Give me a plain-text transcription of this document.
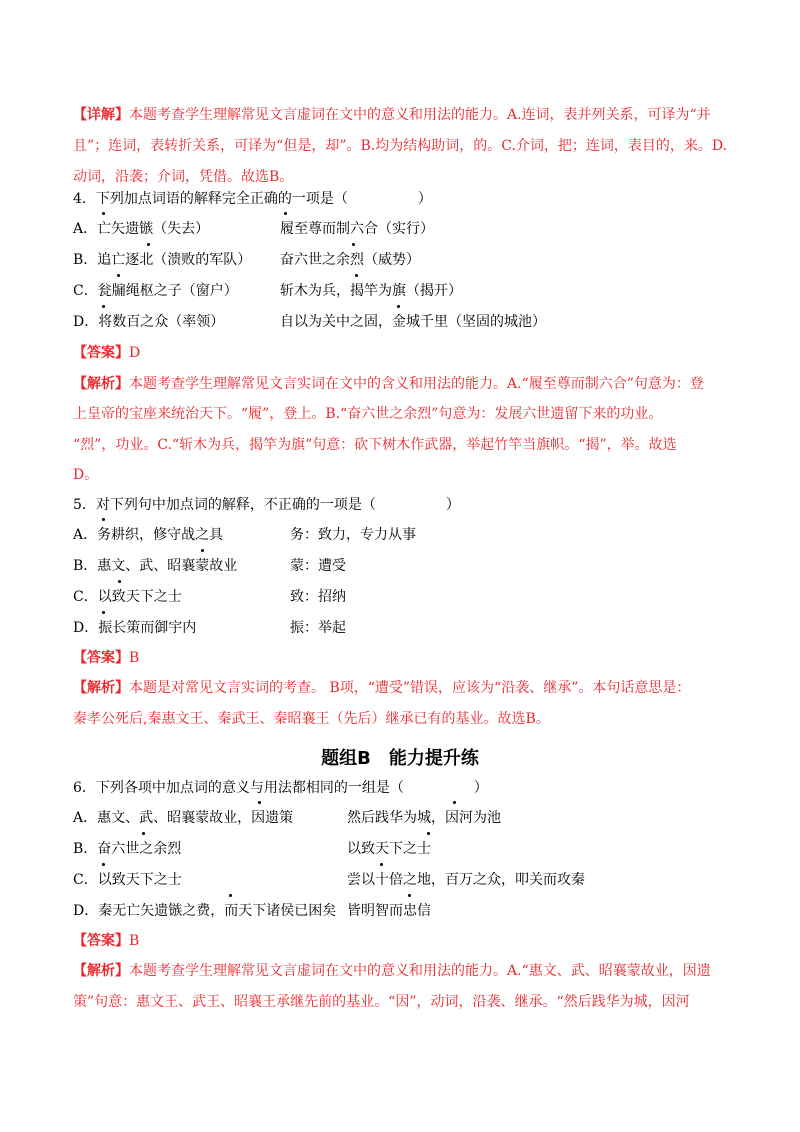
【详解】本题考查学生理解常见文言虚词在文中的意义和用法的能力。A.连词，表并列关系，可译为“并且”；连词，表转折关系，可译为“但是，却”。B.均为结构助词，的。C.介词，把；连词，表目的，来。D.动词，沿袭；介词，凭借。故选B。
4．下列加点词语的解释完全正确的一项是（　　　　　）
A．亡矢遗镞（失去）	履至尊而制六合（实行）
B．追亡逐北（溃败的军队） 奋六世之余烈（威势）
C．瓮牖绳枢之子（窗户）	斩木为兵，揭竿为旗（揭开）
D．将数百之众（率领）	自以为关中之固，金城千里（坚固的城池）
【答案】D
【解析】本题考查学生理解常见文言实词在文中的含义和用法的能力。A.“履至尊而制六合”句意为：登
上皇帝的宝座来统治天下。“履”，登上。B.“奋六世之余烈”句意为：发展六世遗留下来的功业。
“烈”，功业。C.“斩木为兵，揭竿为旗”句意：砍下树木作武器，举起竹竿当旗帜。“揭”，举。故选
D。
5．对下列句中加点词的解释，不正确的一项是（　　　　　）
A．务耕织，修守战之具	务：致力，专力从事
B．惠文、武、昭襄蒙故业	蒙：遭受
C．以致天下之士	致：招纳
D．振长策而御宇内	振：举起
【答案】B
【解析】本题是对常见文言实词的考查。 B项，“遭受”错误，应该为“沿袭、继承”。本句话意思是：
秦孝公死后,秦惠文王、秦武王、秦昭襄王（先后）继承已有的基业。故选B。
题组B　能力提升练
6．下列各项中加点词的意义与用法都相同的一组是（　　　　　）
A．惠文、武、昭襄蒙故业，因遗策	然后践华为城，因河为池
B．奋六世之余烈	以致天下之士
C．以致天下之士	尝以十倍之地，百万之众，叩关而攻秦
D．秦无亡矢遗镞之费，而天下诸侯已困矣 皆明智而忠信
【答案】B
【解析】本题考查学生理解常见文言虚词在文中的意义和用法的能力。A.“惠文、武、昭襄蒙故业，因遗
策”句意：惠文王、武王、昭襄王承继先前的基业。“因”，动词，沿袭、继承。“然后践华为城，因河
